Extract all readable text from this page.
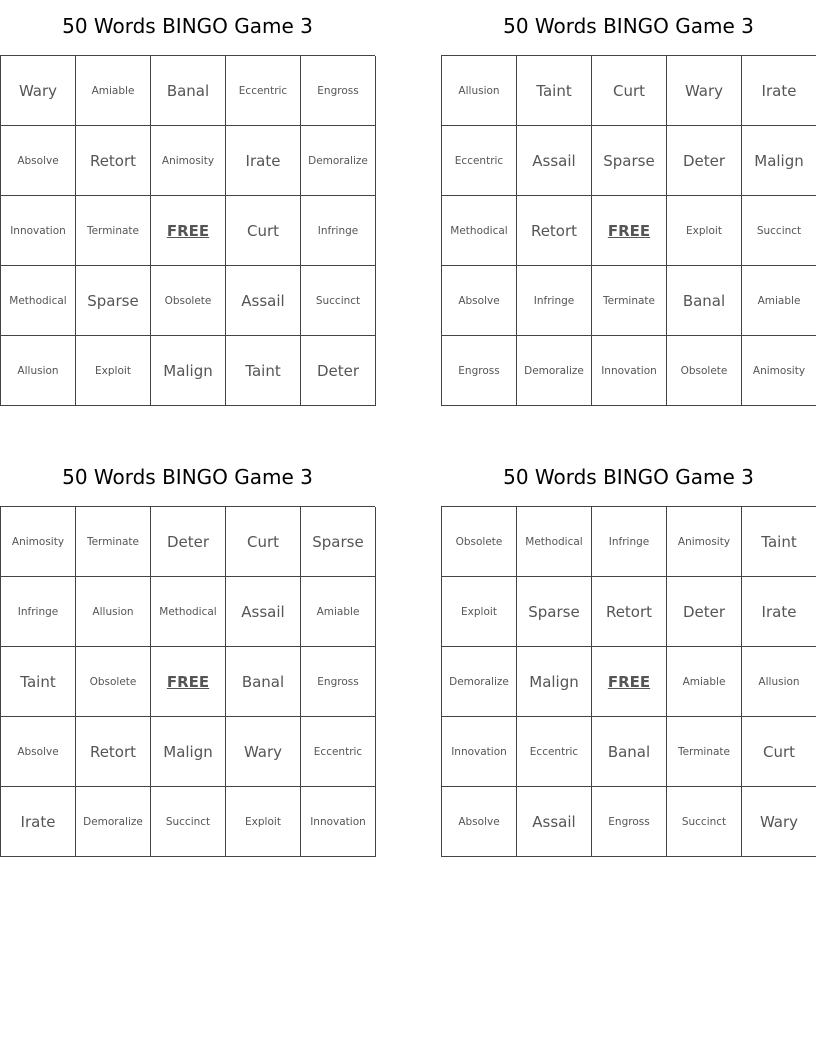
50 Words BINGO Game 3
Wary	Amiable	Banal	Eccentric	Engross
Absolve	Retort	Animosity	Irate	Demoralize
Innovation	Terminate	FREE	Curt	Infringe
Methodical	Sparse	Obsolete	Assail	Succinct
Allusion	Exploit	Malign	Taint	Deter
50 Words BINGO Game 3
Allusion	Taint	Curt	Wary	Irate
Eccentric	Assail	Sparse	Deter	Malign
Methodical	Retort	FREE	Exploit	Succinct
Absolve	Infringe	Terminate	Banal	Amiable
Engross	Demoralize	Innovation	Obsolete	Animosity
50 Words BINGO Game 3
Animosity	Terminate	Deter	Curt	Sparse
Infringe	Allusion	Methodical	Assail	Amiable
Taint	Obsolete	FREE	Banal	Engross
Absolve	Retort	Malign	Wary	Eccentric
Irate	Demoralize	Succinct	Exploit	Innovation
50 Words BINGO Game 3
Obsolete	Methodical	Infringe	Animosity	Taint
Exploit	Sparse	Retort	Deter	Irate
Demoralize	Malign	FREE	Amiable	Allusion
Innovation	Eccentric	Banal	Terminate	Curt
Absolve	Assail	Engross	Succinct	Wary
